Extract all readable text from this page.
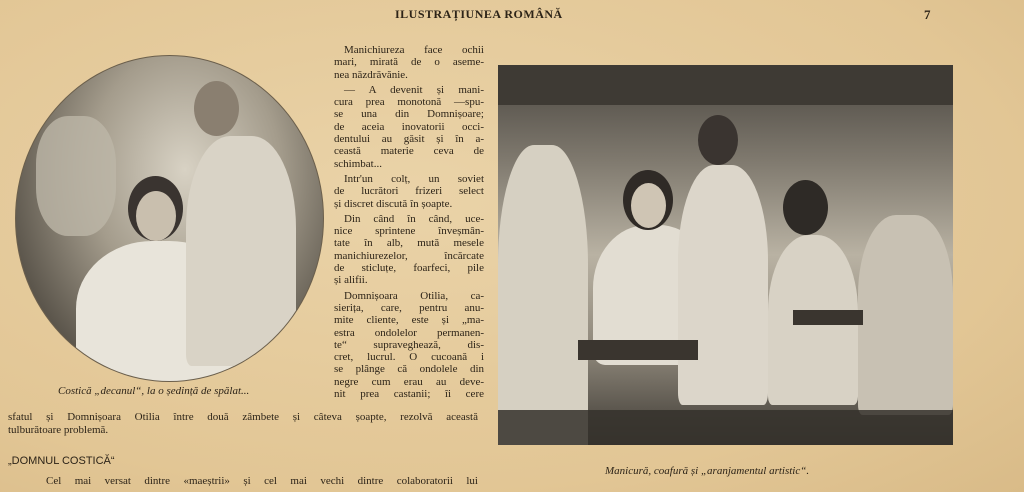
ILUSTRAȚIUNEA ROMÂNĂ	7
Costică „decanul“, la o ședință de spălat...
Manicură, coafură și „aranjamentul artistic“.
Manichiureza face ochii
mari, mirată de o aseme-
nea năzdrăvănie.
— A devenit și mani-
cura prea monotonă —spu-
se una din Domnișoare;
de aceia inovatorii occi-
dentului au găsit și în a-
ceastă materie ceva de
schimbat...
Intr'un colț, un soviet
de lucrători frizeri select
și discret discută în șoapte.
Din când în când, uce-
nice sprintene înveșmân-
tate în alb, mută mesele
manichiurezelor, încărcate
de sticluțe, foarfeci, pile
și alifii.
Domnișoara Otilia, ca-
sierița, care, pentru anu-
mite cliente, este și „ma-
estra ondolelor permanen-
te“ supraveghează, dis-
cret, lucrul. O cucoană i
se plânge că ondolele din
negre cum erau au deve-
nit prea castanii; îi cere
sfatul și Domnișoara Otilia între două zâmbete și câteva șoapte, rezolvă această
tulburătoare problemă.
„DOMNUL COSTICĂ“
Cel mai versat dintre «maeștrii» și cel mai vechi dintre colaboratorii lui
